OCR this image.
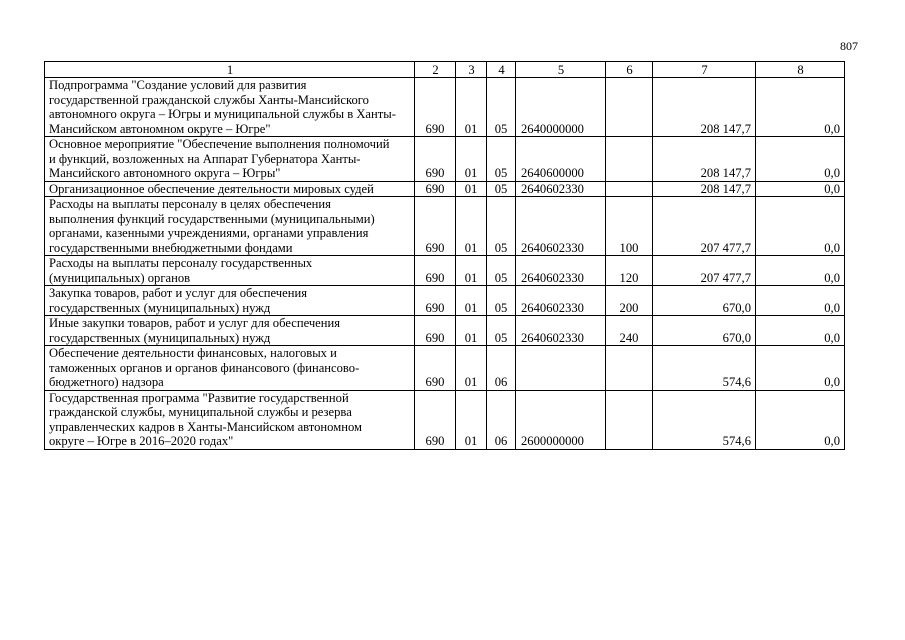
807
1	2	3	4	5	6	7	8
Подпрограмма "Создание условий для развития государственной гражданской службы Ханты-Мансийского автономного округа – Югры и муниципальной службы в Ханты-Мансийском автономном округе – Югре"	690	01	05	2640000000		208 147,7	0,0
Основное мероприятие "Обеспечение выполнения полномочий и функций, возложенных на Аппарат Губернатора Ханты-Мансийского автономного округа – Югры"	690	01	05	2640600000		208 147,7	0,0
Организационное обеспечение деятельности мировых судей	690	01	05	2640602330		208 147,7	0,0
Расходы на выплаты персоналу в целях обеспечения выполнения функций государственными (муниципальными) органами, казенными учреждениями, органами управления государственными внебюджетными фондами	690	01	05	2640602330	100	207 477,7	0,0
Расходы на выплаты персоналу государственных (муниципальных) органов	690	01	05	2640602330	120	207 477,7	0,0
Закупка товаров, работ и услуг для обеспечения государственных (муниципальных) нужд	690	01	05	2640602330	200	670,0	0,0
Иные закупки товаров, работ и услуг для обеспечения государственных (муниципальных) нужд	690	01	05	2640602330	240	670,0	0,0
Обеспечение деятельности финансовых, налоговых и таможенных органов и органов финансового (финансово-бюджетного) надзора	690	01	06			574,6	0,0
Государственная программа "Развитие государственной гражданской службы, муниципальной службы и резерва управленческих кадров в Ханты-Мансийском автономном округе – Югре в 2016–2020 годах"	690	01	06	2600000000		574,6	0,0
